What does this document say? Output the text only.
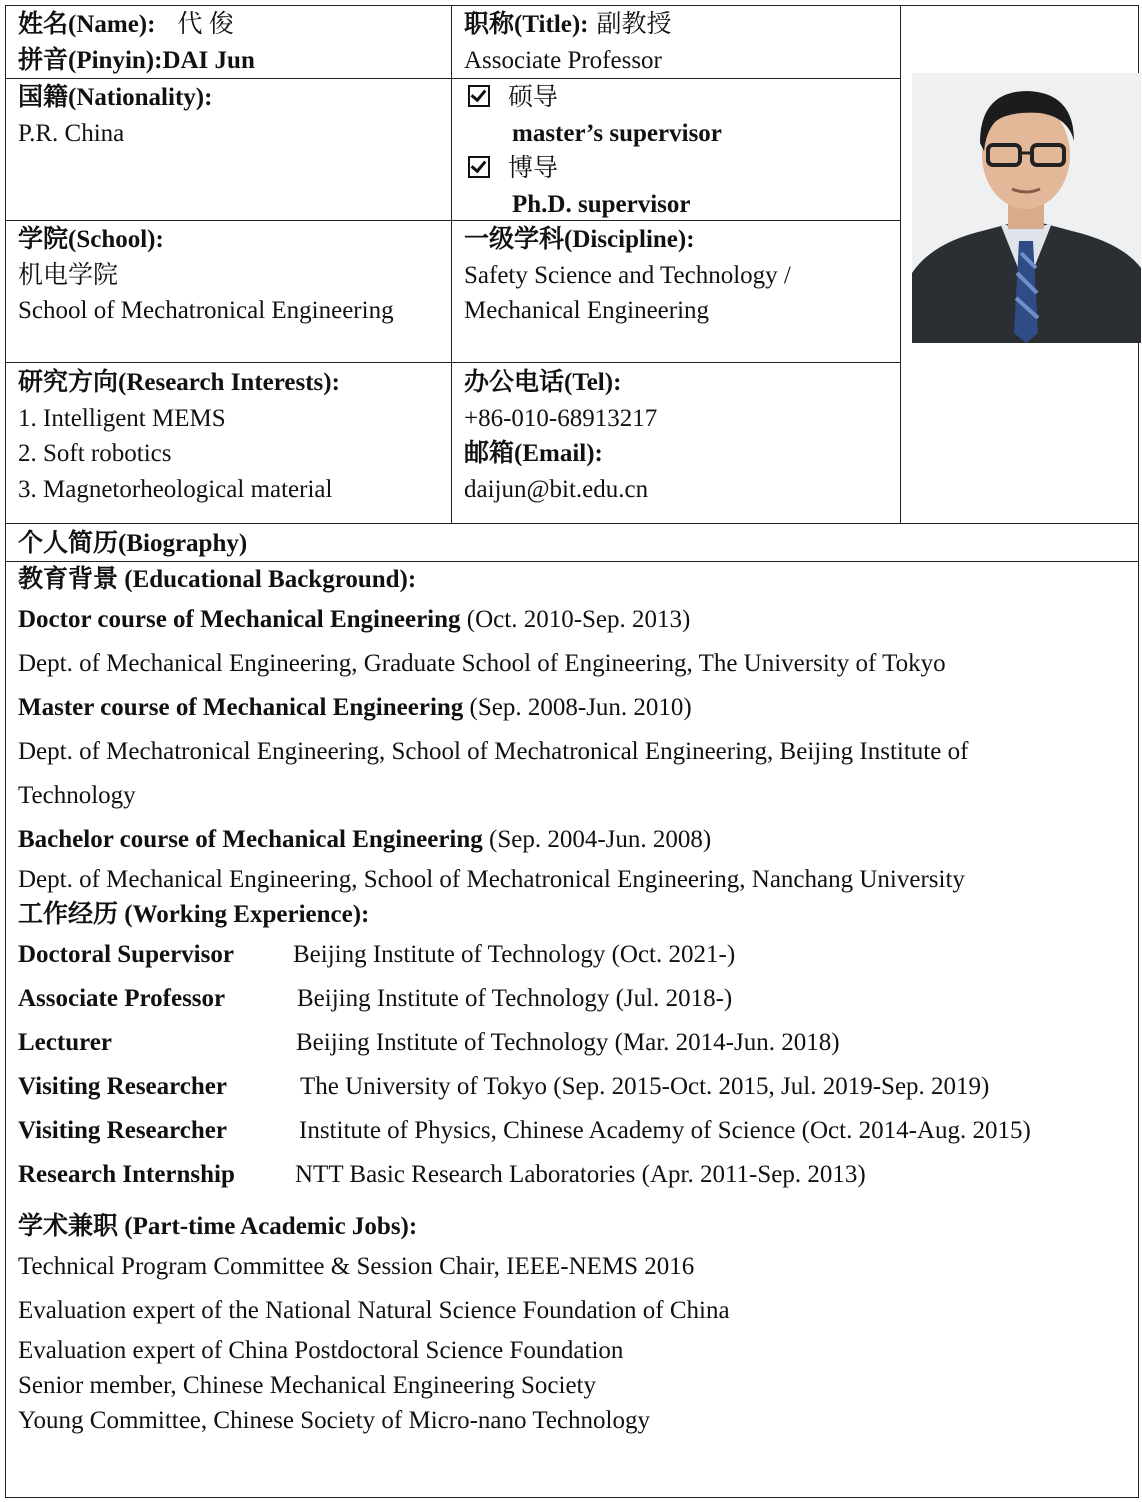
姓名(Name): 代 俊
拼音(Pinyin):DAI Jun
职称(Title): 副教授
Associate Professor
国籍(Nationality):
P.R. China
硕导
master’s supervisor
博导
Ph.D. supervisor
学院(School):
机电学院
School of Mechatronical Engineering
一级学科(Discipline):
Safety Science and Technology /
Mechanical Engineering
研究方向(Research Interests):
1. Intelligent MEMS
2. Soft robotics
3. Magnetorheological material
办公电话(Tel):
+86-010-68913217
邮箱(Email):
daijun@bit.edu.cn
个人简历(Biography)
教育背景 (Educational Background):
Doctor course of Mechanical Engineering (Oct. 2010-Sep. 2013)
Dept. of Mechanical Engineering, Graduate School of Engineering, The University of Tokyo
Master course of Mechanical Engineering (Sep. 2008-Jun. 2010)
Dept. of Mechatronical Engineering, School of Mechatronical Engineering, Beijing Institute of
Technology
Bachelor course of Mechanical Engineering (Sep. 2004-Jun. 2008)
Dept. of Mechanical Engineering, School of Mechatronical Engineering, Nanchang University
工作经历 (Working Experience):
Doctoral Supervisor	Beijing Institute of Technology (Oct. 2021-)
Associate Professor	Beijing Institute of Technology (Jul. 2018-)
Lecturer	Beijing Institute of Technology (Mar. 2014-Jun. 2018)
Visiting Researcher	The University of Tokyo (Sep. 2015-Oct. 2015, Jul. 2019-Sep. 2019)
Visiting Researcher	Institute of Physics, Chinese Academy of Science (Oct. 2014-Aug. 2015)
Research Internship	NTT Basic Research Laboratories (Apr. 2011-Sep. 2013)
学术兼职 (Part-time Academic Jobs):
Technical Program Committee & Session Chair, IEEE-NEMS 2016
Evaluation expert of the National Natural Science Foundation of China
Evaluation expert of China Postdoctoral Science Foundation
Senior member, Chinese Mechanical Engineering Society
Young Committee, Chinese Society of Micro-nano Technology
